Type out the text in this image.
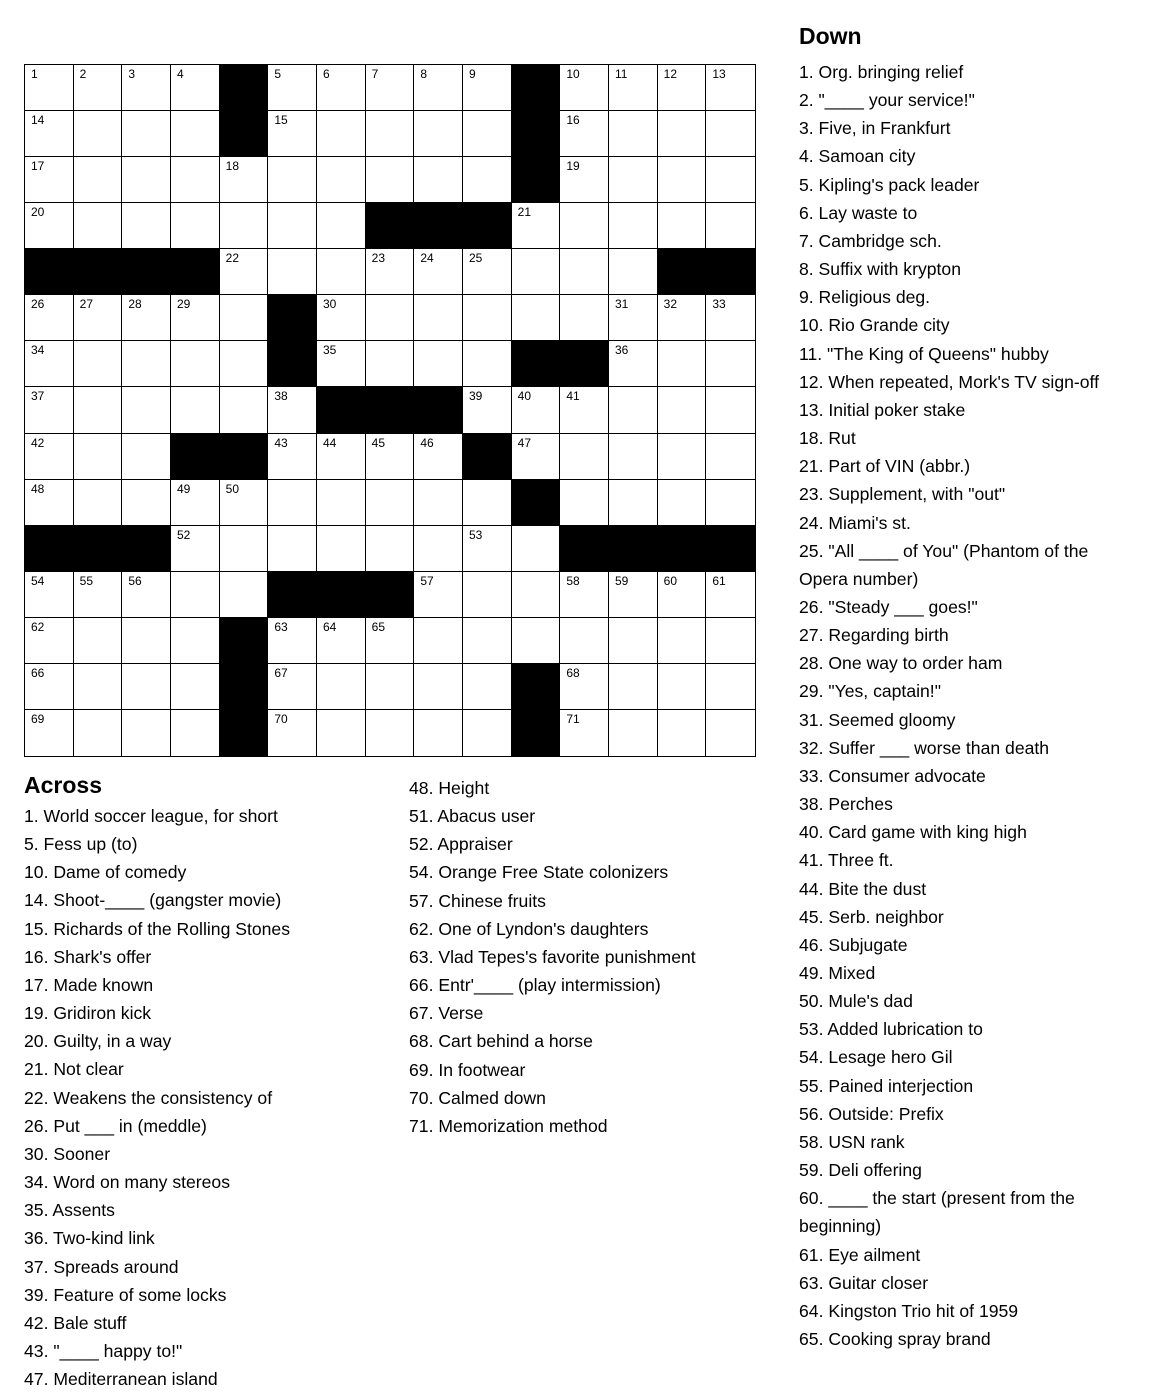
1	2	3	4	5	6	7	8	9	10	11	12	13
14	15	16
17	18	19
20	21
22	23	24	25
26	27	28	29	30	31	32	33
34	35	36
37	38	39	40	41
42	43	44	45	46	47
48	49	50
52	53
54	55	56	57	58	59	60	61
62	63	64	65
66	67	68
69	70	71
Across
1. World soccer league, for short
5. Fess up (to)
10. Dame of comedy
14. Shoot-____ (gangster movie)
15. Richards of the Rolling Stones
16. Shark's offer
17. Made known
19. Gridiron kick
20. Guilty, in a way
21. Not clear
22. Weakens the consistency of
26. Put ___ in (meddle)
30. Sooner
34. Word on many stereos
35. Assents
36. Two-kind link
37. Spreads around
39. Feature of some locks
42. Bale stuff
43. "____ happy to!"
47. Mediterranean island
48. Height
51. Abacus user
52. Appraiser
54. Orange Free State colonizers
57. Chinese fruits
62. One of Lyndon's daughters
63. Vlad Tepes's favorite punishment
66. Entr'____ (play intermission)
67. Verse
68. Cart behind a horse
69. In footwear
70. Calmed down
71. Memorization method
Down
1. Org. bringing relief
2. "____ your service!"
3. Five, in Frankfurt
4. Samoan city
5. Kipling's pack leader
6. Lay waste to
7. Cambridge sch.
8. Suffix with krypton
9. Religious deg.
10. Rio Grande city
11. "The King of Queens" hubby
12. When repeated, Mork's TV sign-off
13. Initial poker stake
18. Rut
21. Part of VIN (abbr.)
23. Supplement, with "out"
24. Miami's st.
25. "All ____ of You" (Phantom of the Opera number)
26. "Steady ___ goes!"
27. Regarding birth
28. One way to order ham
29. "Yes, captain!"
31. Seemed gloomy
32. Suffer ___ worse than death
33. Consumer advocate
38. Perches
40. Card game with king high
41. Three ft.
44. Bite the dust
45. Serb. neighbor
46. Subjugate
49. Mixed
50. Mule's dad
53. Added lubrication to
54. Lesage hero Gil
55. Pained interjection
56. Outside: Prefix
58. USN rank
59. Deli offering
60. ____ the start (present from the beginning)
61. Eye ailment
63. Guitar closer
64. Kingston Trio hit of 1959
65. Cooking spray brand
